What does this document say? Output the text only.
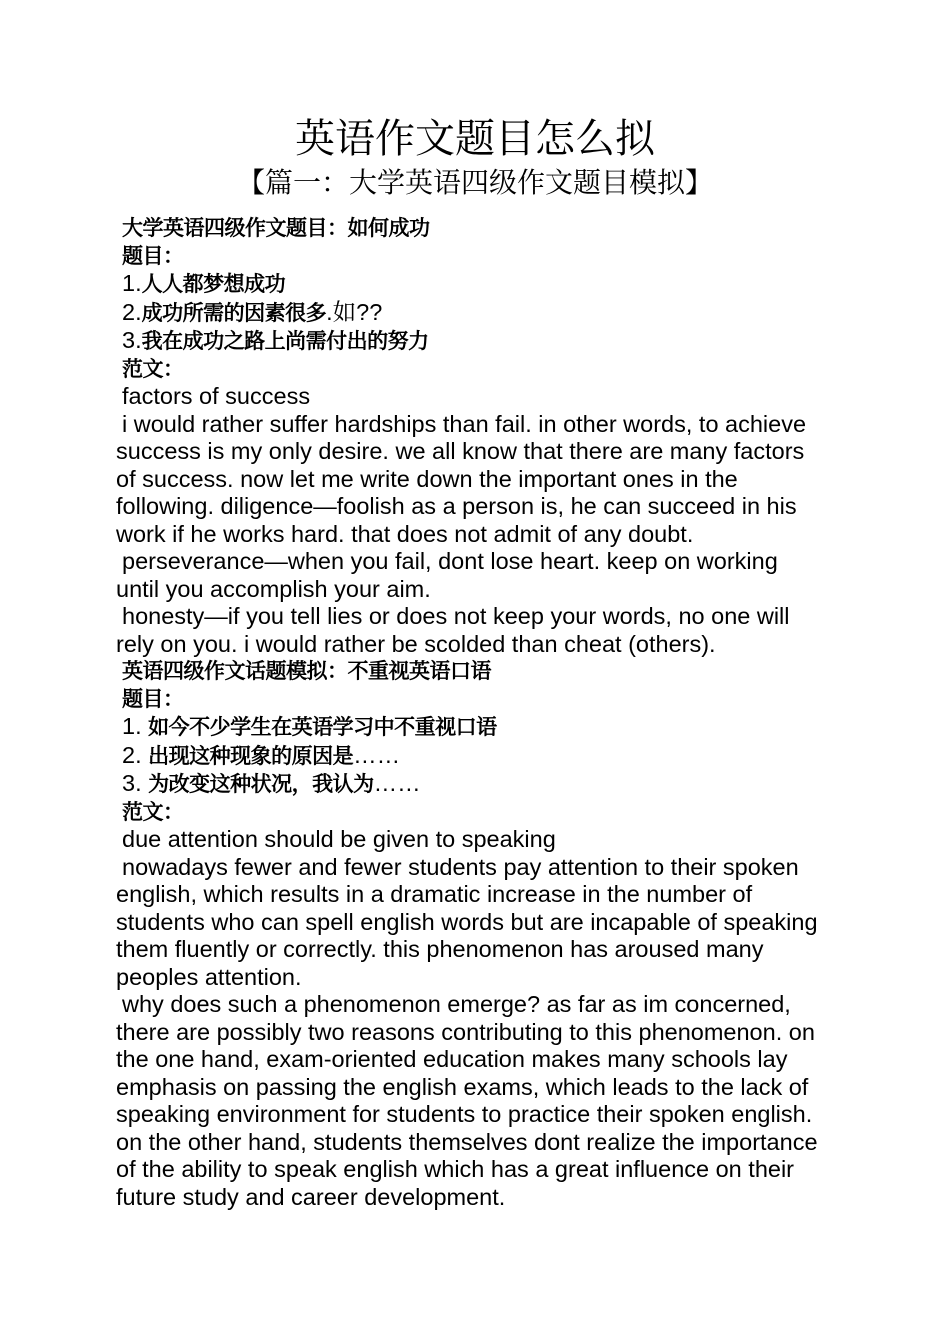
英语作文题目怎么拟
【篇一：大学英语四级作文题目模拟】
大学英语四级作文题目：如何成功
题目：
1.人人都梦想成功
2.成功所需的因素很多.如??
3.我在成功之路上尚需付出的努力
范文：
factors of success
i would rather suffer hardships than fail. in other words, to achieve
success is my only desire. we all know that there are many factors
of success. now let me write down the important ones in the
following. diligence—foolish as a person is, he can succeed in his
work if he works hard. that does not admit of any doubt.
perseverance—when you fail, dont lose heart. keep on working
until you accomplish your aim.
honesty—if you tell lies or does not keep your words, no one will
rely on you. i would rather be scolded than cheat (others).
英语四级作文话题模拟：不重视英语口语
题目：
1. 如今不少学生在英语学习中不重视口语
2. 出现这种现象的原因是……
3. 为改变这种状况，我认为……
范文：
due attention should be given to speaking
nowadays fewer and fewer students pay attention to their spoken
english, which results in a dramatic increase in the number of
students who can spell english words but are incapable of speaking
them fluently or correctly. this phenomenon has aroused many
peoples attention.
why does such a phenomenon emerge? as far as im concerned,
there are possibly two reasons contributing to this phenomenon. on
the one hand, exam-oriented education makes many schools lay
emphasis on passing the english exams, which leads to the lack of
speaking environment for students to practice their spoken english.
on the other hand, students themselves dont realize the importance
of the ability to speak english which has a great influence on their
future study and career development.
